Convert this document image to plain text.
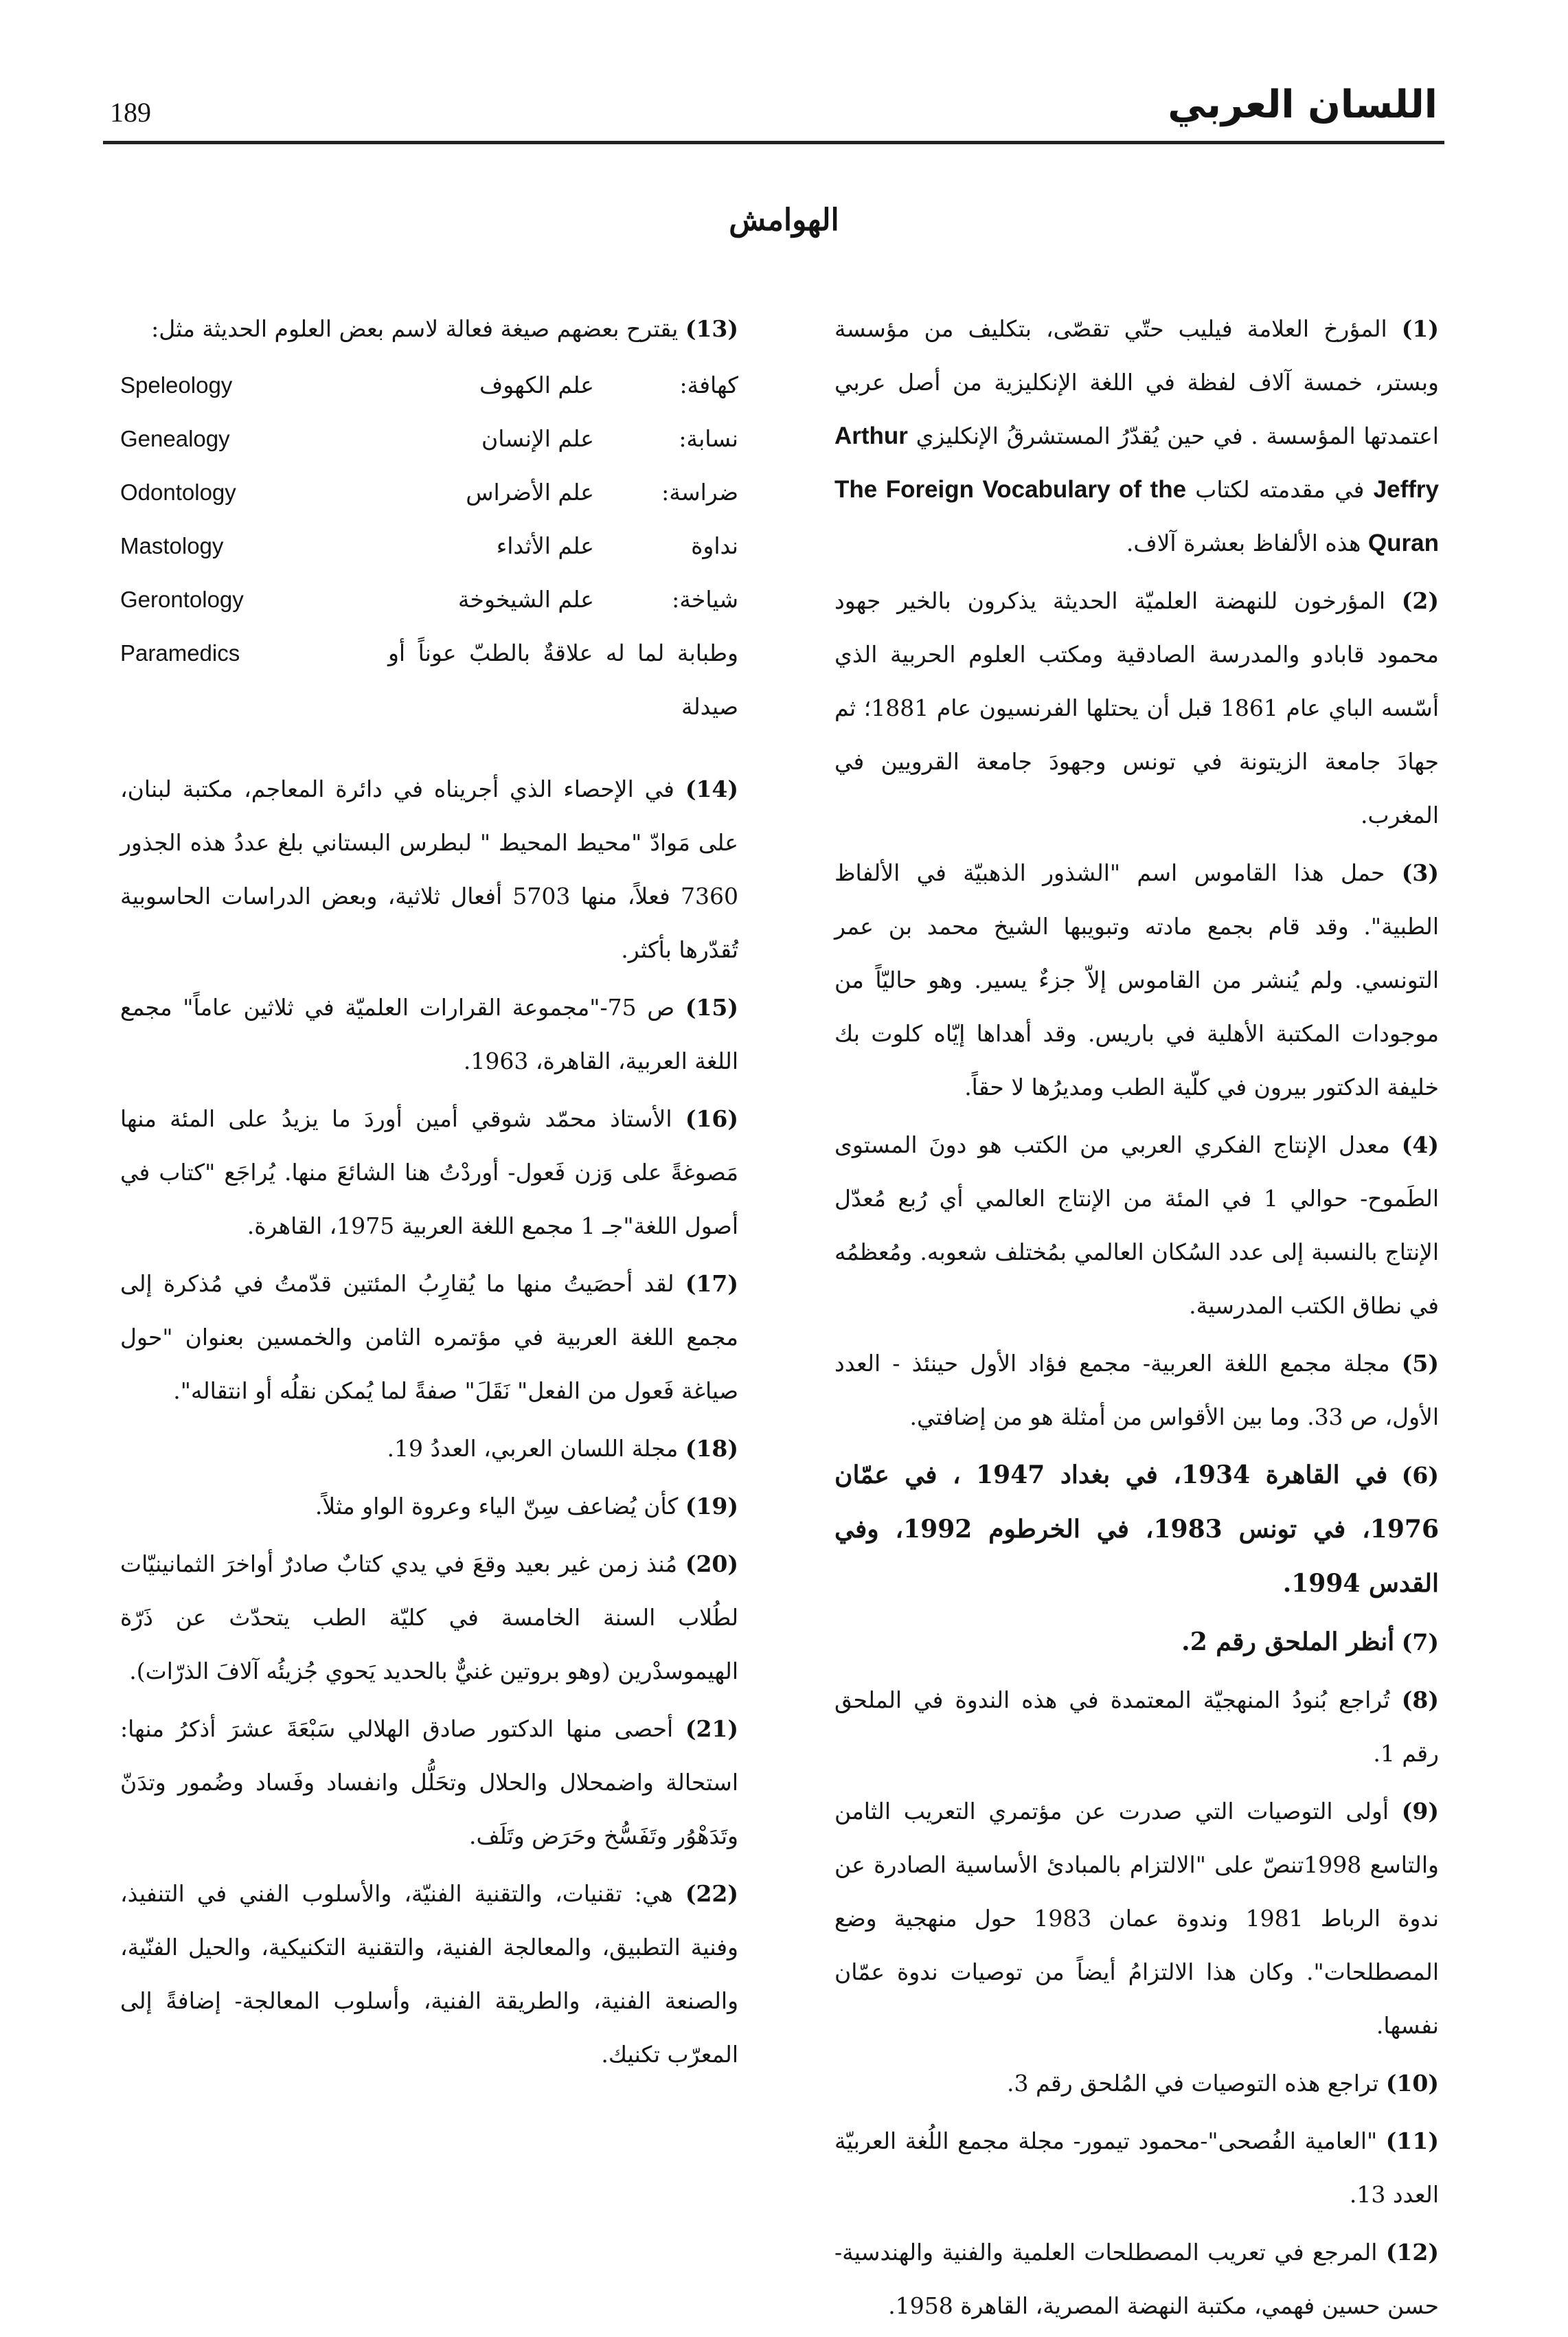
189	اللسان العربي
الهوامش

( 1 ) المؤرخ العلامة فيليب حتّي تقصّى، بتكليف من مؤسسة وبستر، خمسة آلاف لفظة في اللغة الإنكليزية من أصل عربي اعتمدتها المؤسسة . في حين يُقدّرُ المستشرقُ الإنكليزي Arthur Jeffry في مقدمته لكتاب The Foreign Vocabulary of the Quran هذه الألفاظ بعشرة آلاف.

( 2 ) المؤرخون للنهضة العلميّة الحديثة يذكرون بالخير جهود محمود قابادو والمدرسة الصادقية ومكتب العلوم الحربية الذي أسّسه الباي عام 1861 قبل أن يحتلها الفرنسيون عام 1881؛ ثم جهادَ جامعة الزيتونة في تونس وجهودَ جامعة القرويين في المغرب.

( 3 ) حمل هذا القاموس اسم "الشذور الذهبيّة في الألفاظ الطبية". وقد قام بجمع مادته وتبويبها الشيخ محمد بن عمر التونسي. ولم يُنشر من القاموس إلاّ جزءٌ يسير. وهو حاليّاً من موجودات المكتبة الأهلية في باريس. وقد أهداها إيّاه كلوت بك خليفة الدكتور بيرون في كلّية الطب ومديرُها لا حقاً.

( 4 ) معدل الإنتاج الفكري العربي من الكتب هو دونَ المستوى الطَموح- حوالي 1 في المئة من الإنتاج العالمي أي رُبع مُعدّل الإنتاج بالنسبة إلى عدد السُكان العالمي بمُختلف شعوبه. ومُعظمُه في نطاق الكتب المدرسية.

( 5 ) مجلة مجمع اللغة العربية- مجمع فؤاد الأول حينئذ - العدد الأول، ص 33. وما بين الأقواس من أمثلة هو من إضافتي.

( 6 ) في القاهرة 1934، في بغداد 1947 ، في عمّان 1976، في تونس 1983، في الخرطوم 1992، وفي القدس 1994.

( 7 ) أنظر الملحق رقم 2.

( 8 ) تُراجع بُنودُ المنهجيّة المعتمدة في هذه الندوة في الملحق رقم 1.

( 9 ) أولى التوصيات التي صدرت عن مؤتمري التعريب الثامن والتاسع 1998تنصّ على "الالتزام بالمبادئ الأساسية الصادرة عن ندوة الرباط 1981 وندوة عمان 1983 حول منهجية وضع المصطلحات". وكان هذا الالتزامُ أيضاً من توصيات ندوة عمّان نفسها.

( 10 ) تراجع هذه التوصيات في المُلحق رقم 3.

( 11 ) "العامية الفُصحى"-محمود تيمور- مجلة مجمع اللُغة العربيّة العدد 13.

( 12 ) المرجع في تعريب المصطلحات العلمية والفنية والهندسية- حسن حسين فهمي، مكتبة النهضة المصرية، القاهرة 1958.

( 13 ) يقترح بعضهم صيغة فعالة لاسم بعض العلوم الحديثة مثل:

كهافة:	علم الكهوف	Speleology
نسابة:	علم الإنسان	Genealogy
ضراسة:	علم الأضراس	Odontology
نداوة	علم الأثداء	Mastology
شياخة:	علم الشيخوخة	Gerontology
وطبابة لما له علاقةٌ بالطبّ عوناً أو صيدلة		Paramedics

( 14 ) في الإحصاء الذي أجريناه في دائرة المعاجم، مكتبة لبنان، على مَوادّ "محيط المحيط " لبطرس البستاني بلغ عددُ هذه الجذور 7360 فعلاً، منها 5703 أفعال ثلاثية، وبعض الدراسات الحاسوبية تُقدّرها بأكثر.

( 15 ) ص 75-"مجموعة القرارات العلميّة في ثلاثين عاماً" مجمع اللغة العربية، القاهرة، 1963.

( 16 ) الأستاذ محمّد شوقي أمين أوردَ ما يزيدُ على المئة منها مَصوغةً على وَزن فَعول- أوردْتُ هنا الشائعَ منها. يُراجَع "كتاب في أصول اللغة"جـ 1 مجمع اللغة العربية 1975، القاهرة.

( 17 ) لقد أحصَيتُ منها ما يُقارِبُ المئتين قدّمتُ في مُذكرة إلى مجمع اللغة العربية في مؤتمره الثامن والخمسين بعنوان "حول صياغة فَعول من الفعل" نَقَلَ" صفةً لما يُمكن نقلُه أو انتقاله".

( 18 ) مجلة اللسان العربي، العددُ 19.

( 19 ) كأن يُضاعف سِنّ الياء وعروة الواو مثلاً.

( 20 ) مُنذ زمن غير بعيد وقعَ في يدي كتابٌ صادرٌ أواخرَ الثمانينيّات لطُلاب السنة الخامسة في كليّة الطب يتحدّث عن ذَرّة الهيموسدْرين (وهو بروتين غنيٌّ بالحديد يَحوي جُزيئُه آلافَ الذرّات).

( 21 ) أحصى منها الدكتور صادق الهلالي سَبْعَةَ عشرَ أذكرُ منها: استحالة واضمحلال والحلال وتحَلُّل وانفساد وفَساد وضُمور وتدَنّ وتَدَهْوُر وتَفَسُّخ وحَرَض وتَلَف.

( 22 ) هي: تقنيات، والتقنية الفنيّة، والأسلوب الفني في التنفيذ، وفنية التطبيق، والمعالجة الفنية، والتقنية التكنيكية، والحيل الفنّية، والصنعة الفنية، والطريقة الفنية، وأسلوب المعالجة- إضافةً إلى المعرّب تكنيك.
